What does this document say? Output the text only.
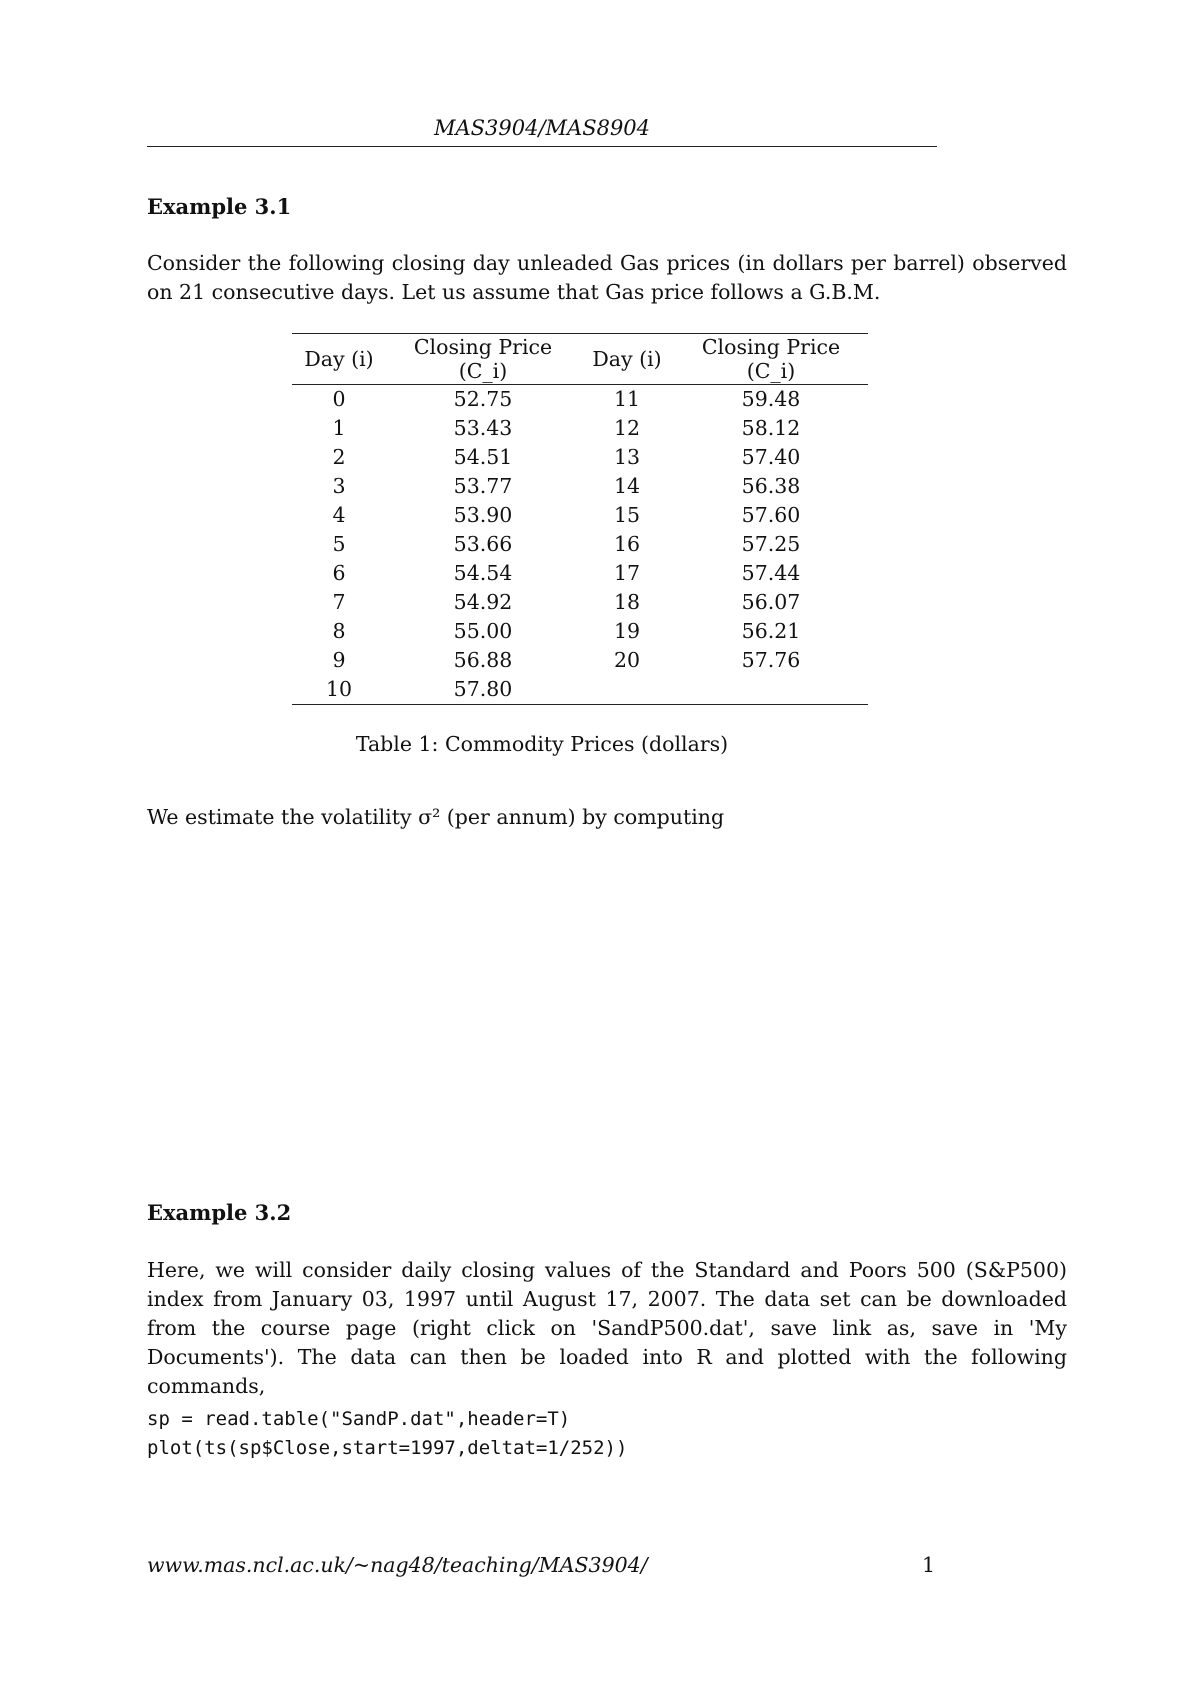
MAS3904/MAS8904
Example 3.1
Consider the following closing day unleaded Gas prices (in dollars per barrel) observed on 21 consecutive days. Let us assume that Gas price follows a G.B.M.
Day (i)	Closing Price (C_i)	Day (i)	Closing Price (C_i)
0	52.75	11	59.48
1	53.43	12	58.12
2	54.51	13	57.40
3	53.77	14	56.38
4	53.90	15	57.60
5	53.66	16	57.25
6	54.54	17	57.44
7	54.92	18	56.07
8	55.00	19	56.21
9	56.88	20	57.76
10	57.80		
Table 1: Commodity Prices (dollars)
We estimate the volatility σ² (per annum) by computing
Example 3.2
Here, we will consider daily closing values of the Standard and Poors 500 (S&P500) index from January 03, 1997 until August 17, 2007. The data set can be downloaded from the course page (right click on 'SandP500.dat', save link as, save in 'My Documents'). The data can then be loaded into R and plotted with the following commands,
sp = read.table("SandP.dat",header=T)
plot(ts(sp$Close,start=1997,deltat=1/252))
www.mas.ncl.ac.uk/~nag48/teaching/MAS3904/	1
